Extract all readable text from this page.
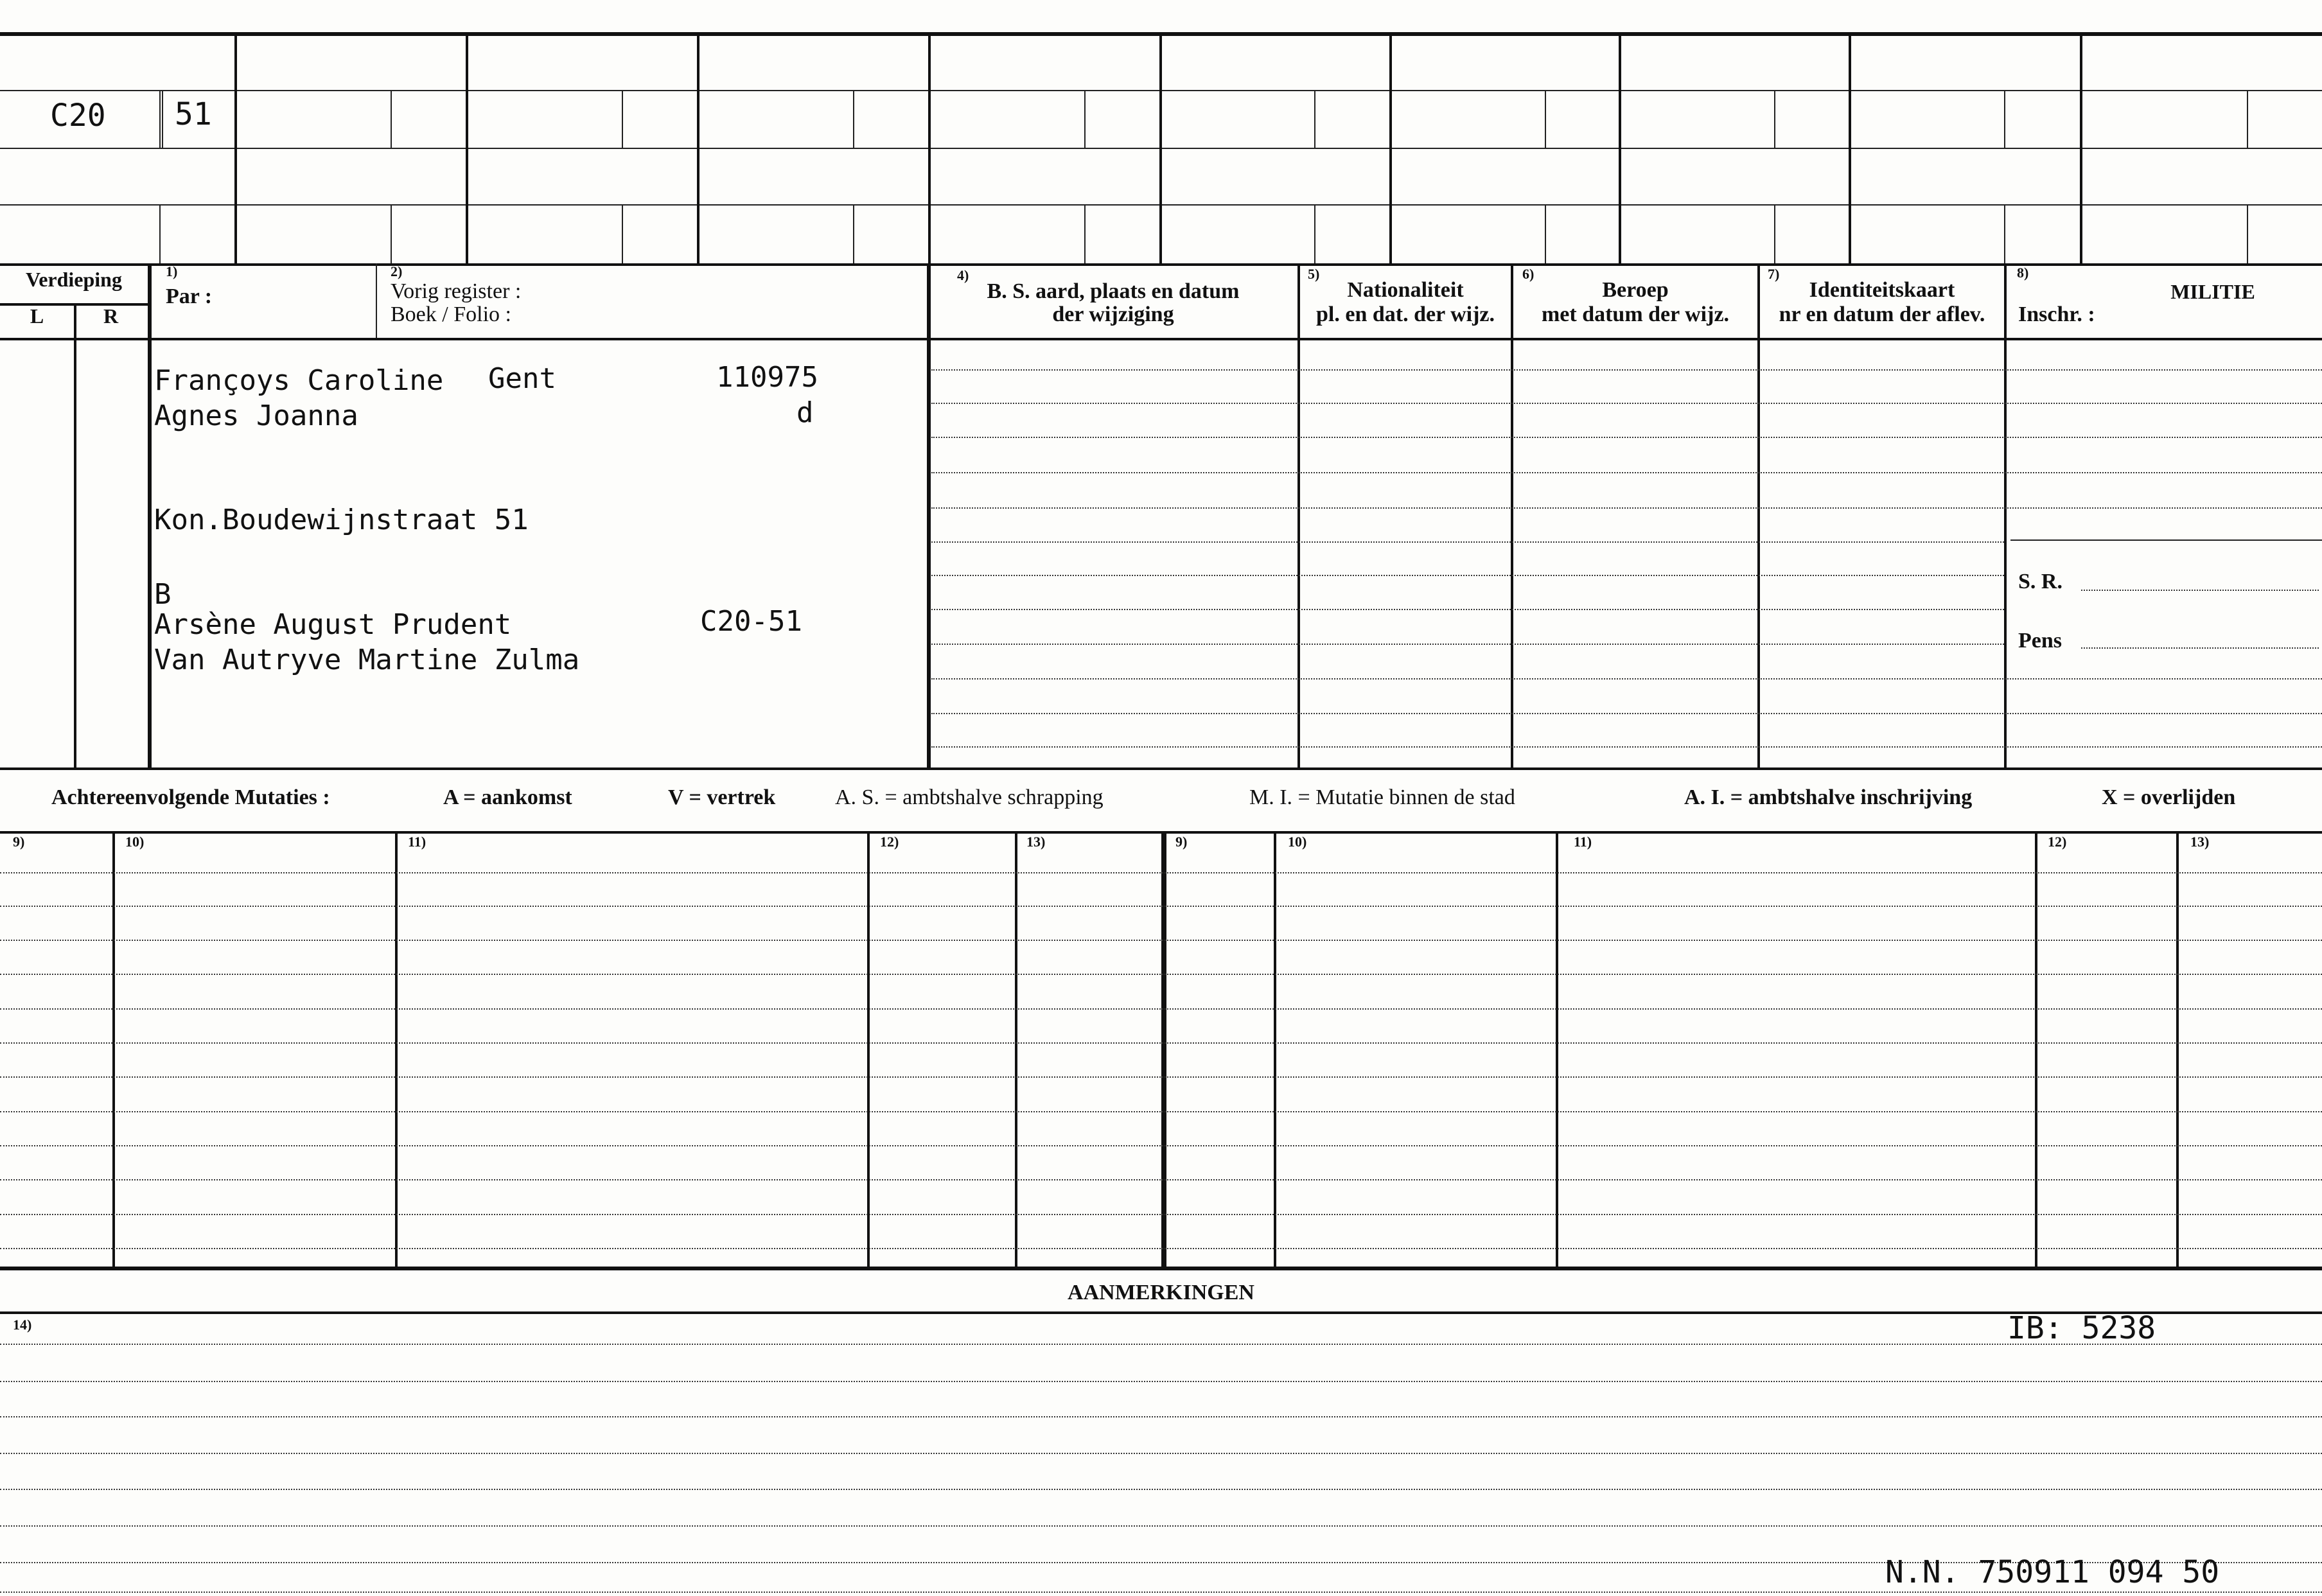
C20 51
Verdieping
L	R
1)
Par :
2)
Vorig register :
Boek / Folio :
4)
B. S. aard, plaats en datum
der wijziging
5)
Nationaliteit
pl. en dat. der wijz.
6)
Beroep
met datum der wijz.
7)
Identiteitskaart
nr en datum der aflev.
8)
MILITIE
Inschr. :
S. R.
Pens
Françoys Caroline Gent	110975
Agnes Joanna	d
Kon.Boudewijnstraat 51
B
Arsène August Prudent	C20-51
Van Autryve Martine Zulma
Achtereenvolgende Mutaties :	A = aankomst	V = vertrek	A. S. = ambtshalve schrapping	M. I. = Mutatie binnen de stad	A. I. = ambtshalve inschrijving	X = overlijden
9)	10)	11)	12)	13)	9)	10)	11)	12)	13)
AANMERKINGEN
14)	IB: 5238
N.N. 750911 094 50
